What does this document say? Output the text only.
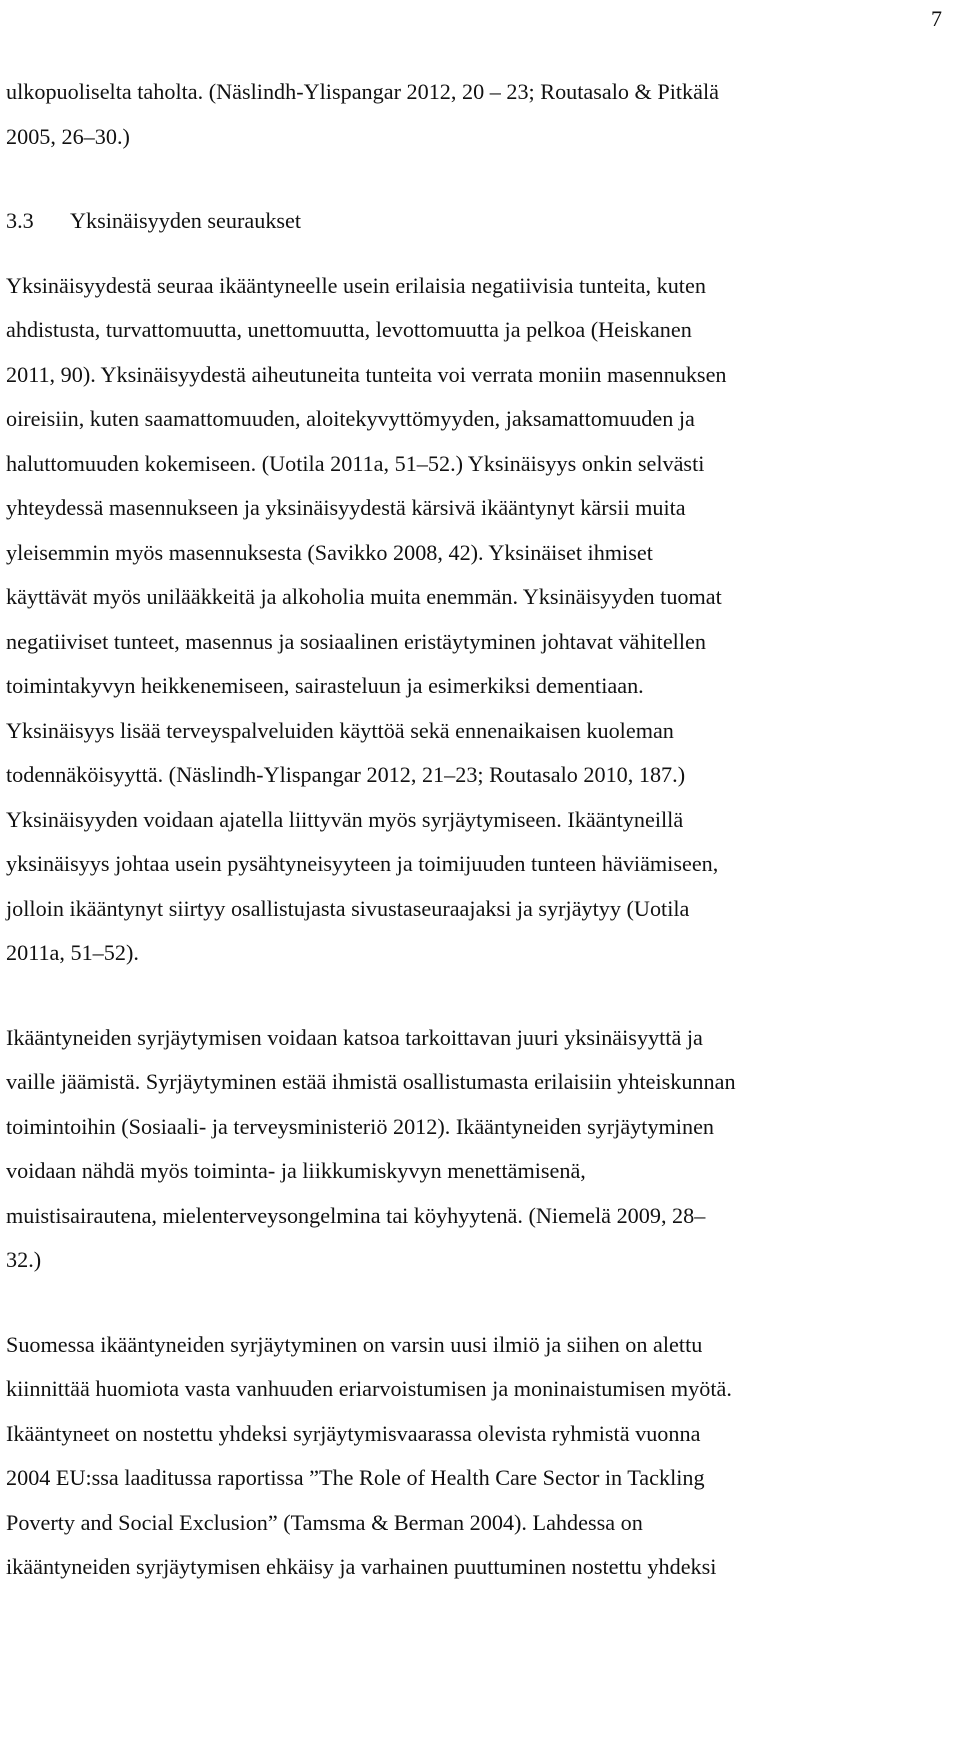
7

ulkopuoliselta taholta. (Näslindh-Ylispangar 2012, 20 – 23; Routasalo & Pitkälä
2005, 26–30.)

3.3 Yksinäisyyden seuraukset

Yksinäisyydestä seuraa ikääntyneelle usein erilaisia negatiivisia tunteita, kuten
ahdistusta, turvattomuutta, unettomuutta, levottomuutta ja pelkoa (Heiskanen
2011, 90). Yksinäisyydestä aiheutuneita tunteita voi verrata moniin masennuksen
oireisiin, kuten saamattomuuden, aloitekyvyttömyyden, jaksamattomuuden ja
haluttomuuden kokemiseen. (Uotila 2011a, 51–52.) Yksinäisyys onkin selvästi
yhteydessä masennukseen ja yksinäisyydestä kärsivä ikääntynyt kärsii muita
yleisemmin myös masennuksesta (Savikko 2008, 42). Yksinäiset ihmiset
käyttävät myös unilääkkeitä ja alkoholia muita enemmän. Yksinäisyyden tuomat
negatiiviset tunteet, masennus ja sosiaalinen eristäytyminen johtavat vähitellen
toimintakyvyn heikkenemiseen, sairasteluun ja esimerkiksi dementiaan.
Yksinäisyys lisää terveyspalveluiden käyttöä sekä ennenaikaisen kuoleman
todennäköisyyttä. (Näslindh-Ylispangar 2012, 21–23; Routasalo 2010, 187.)
Yksinäisyyden voidaan ajatella liittyvän myös syrjäytymiseen. Ikääntyneillä
yksinäisyys johtaa usein pysähtyneisyyteen ja toimijuuden tunteen häviämiseen,
jolloin ikääntynyt siirtyy osallistujasta sivustaseuraajaksi ja syrjäytyy (Uotila
2011a, 51–52).

Ikääntyneiden syrjäytymisen voidaan katsoa tarkoittavan juuri yksinäisyyttä ja
vaille jäämistä. Syrjäytyminen estää ihmistä osallistumasta erilaisiin yhteiskunnan
toimintoihin (Sosiaali- ja terveysministeriö 2012). Ikääntyneiden syrjäytyminen
voidaan nähdä myös toiminta- ja liikkumiskyvyn menettämisenä,
muistisairautena, mielenterveysongelmina tai köyhyytenä. (Niemelä 2009, 28–
32.)

Suomessa ikääntyneiden syrjäytyminen on varsin uusi ilmiö ja siihen on alettu
kiinnittää huomiota vasta vanhuuden eriarvoistumisen ja moninaistumisen myötä.
Ikääntyneet on nostettu yhdeksi syrjäytymisvaarassa olevista ryhmistä vuonna
2004 EU:ssa laaditussa raportissa ”The Role of Health Care Sector in Tackling
Poverty and Social Exclusion” (Tamsma & Berman 2004). Lahdessa on
ikääntyneiden syrjäytymisen ehkäisy ja varhainen puuttuminen nostettu yhdeksi
